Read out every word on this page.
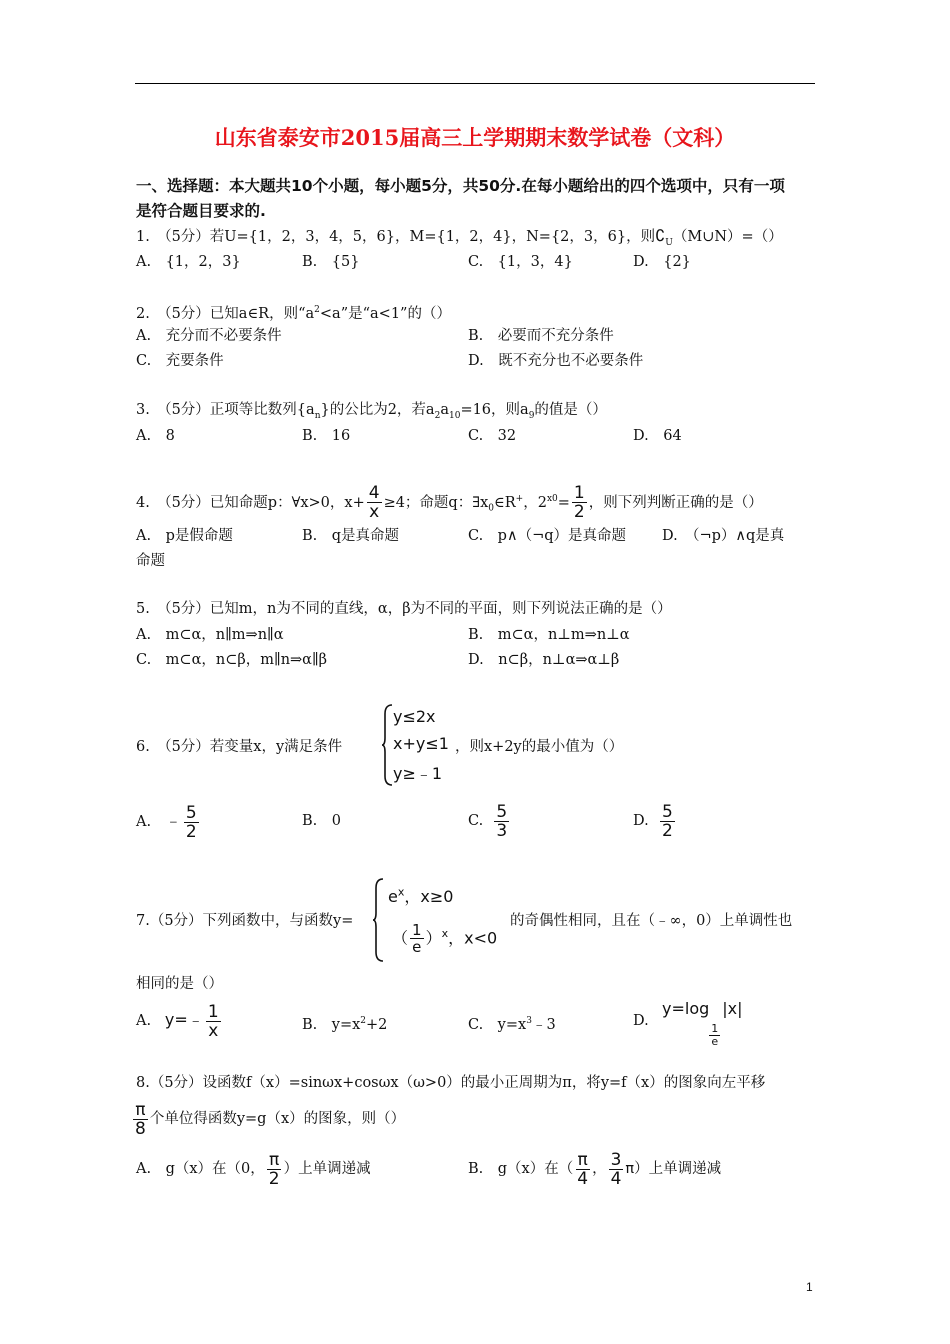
山东省泰安市2015届高三上学期期末数学试卷（文科）
一、选择题：本大题共10个小题，每小题5分，共50分.在每小题给出的四个选项中，只有一项
是符合题目要求的.
1.　（5分）若U={1，2，3，4，5，6}，M={1，2，4}，N={2，3，6}，则$∁_U(M\cup N)=()$
A.　{1，2，3}	B.　{5}	C.　{1，3，4}	D.　{2}
2.　（5分）已知a∈R，则“$a^2<a$”是“a<1”的（）
A.　充分而不必要条件	B.　必要而不充分条件
C.　充要条件	D.　既不充分也不必要条件
3.　（5分）正项等比数列$\{a_n\}$的公比为2，若$a_2a_{10}=16$，则$a_9$的值是（）
A.　8	B.　16	C.　32	D.　64
4.　（5分）已知命题p：∀x>0，$x+ \frac{4}{x} \ge 4$；命题q：$\exists x_0\in R^+$，$2^{x0}= \frac{1}{2}$ ，则下列判断正确的是（）
A.　p是假命题	B.　q是真命题	C.　p∧（¬q）是真命题 D.　（¬p）∧q是真
命题
5.　（5分）已知m，n为不同的直线，α，β为不同的平面，则下列说法正确的是（）
A.　m⊂α，n∥m⇒n∥α	B.　m⊂α，n⊥m⇒n⊥α
C.　m⊂α，n⊂β，m∥n⇒α∥β	D.　n⊂β，n⊥α⇒α⊥β
6.　（5分）若变量x，y满足条件
y≤2x
x+y≤1
y≥﹣1
，则x+2y的最小值为（）
A. ﹣ $\frac{5}{2}$	B.　0	C. $\frac{5}{3}$	D. $\frac{5}{2}$
7.（5分）下列函数中，与函数y=
$e^x$，x≥0
（ $\frac{1}{e} )^x$，x<0
的奇偶性相同，且在（﹣∞，0）上单调性也
相同的是（）
A. y=﹣ $\frac{1}{x}$	B.　$y=x^2+2$	C.　$y=x^3﹣3$	D.
y=log
$\frac{1}{e}$
|x|
8.（5分）设函数f（x）=sinωx+cosωx（ω>0）的最小正周期为π，将y=f（x）的图象向左平移
$\frac{\pi}{8}$ 个单位得函数y=g（x）的图象，则（）
A.　g（x）在（0， $\frac{\pi}{2}$ ）上单调递减	B.　g（x）在（ $\frac{\pi}{4}$ ， $\frac{3}{4} \pi$）上单调递减
1
